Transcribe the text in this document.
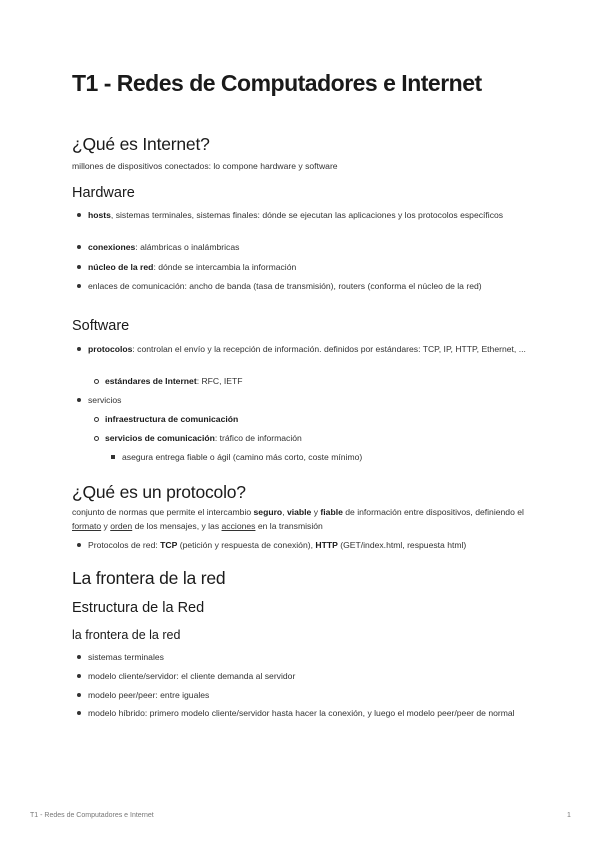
T1 - Redes de Computadores e Internet
¿Qué es Internet?

millones de dispositivos conectados: lo compone hardware y software

Hardware
hosts, sistemas terminales, sistemas finales: dónde se ejecutan las aplicaciones y los protocolos específicos
conexiones: alámbricas o inalámbricas
núcleo de la red: dónde se intercambia la información
enlaces de comunicación: ancho de banda (tasa de transmisión), routers (conforma el núcleo de la red)
Software
protocolos: controlan el envío y la recepción de información. definidos por estándares: TCP, IP, HTTP, Ethernet, ...
estándares de Internet: RFC, IETF
servicios
infraestructura de comunicación
servicios de comunicación: tráfico de información
asegura entrega fiable o ágil (camino más corto, coste mínimo)
¿Qué es un protocolo?

conjunto de normas que permite el intercambio seguro, viable y fiable de información entre dispositivos, definiendo el formato y orden de los mensajes, y las acciones en la transmisión

Protocolos de red: TCP (petición y respuesta de conexión), HTTP (GET/index.html, respuesta html)
La frontera de la red
Estructura de la Red
la frontera de la red
sistemas terminales
modelo cliente/servidor: el cliente demanda al servidor
modelo peer/peer: entre iguales
modelo híbrido: primero modelo cliente/servidor hasta hacer la conexión, y luego el modelo peer/peer de normal
T1 - Redes de Computadores e Internet	1
